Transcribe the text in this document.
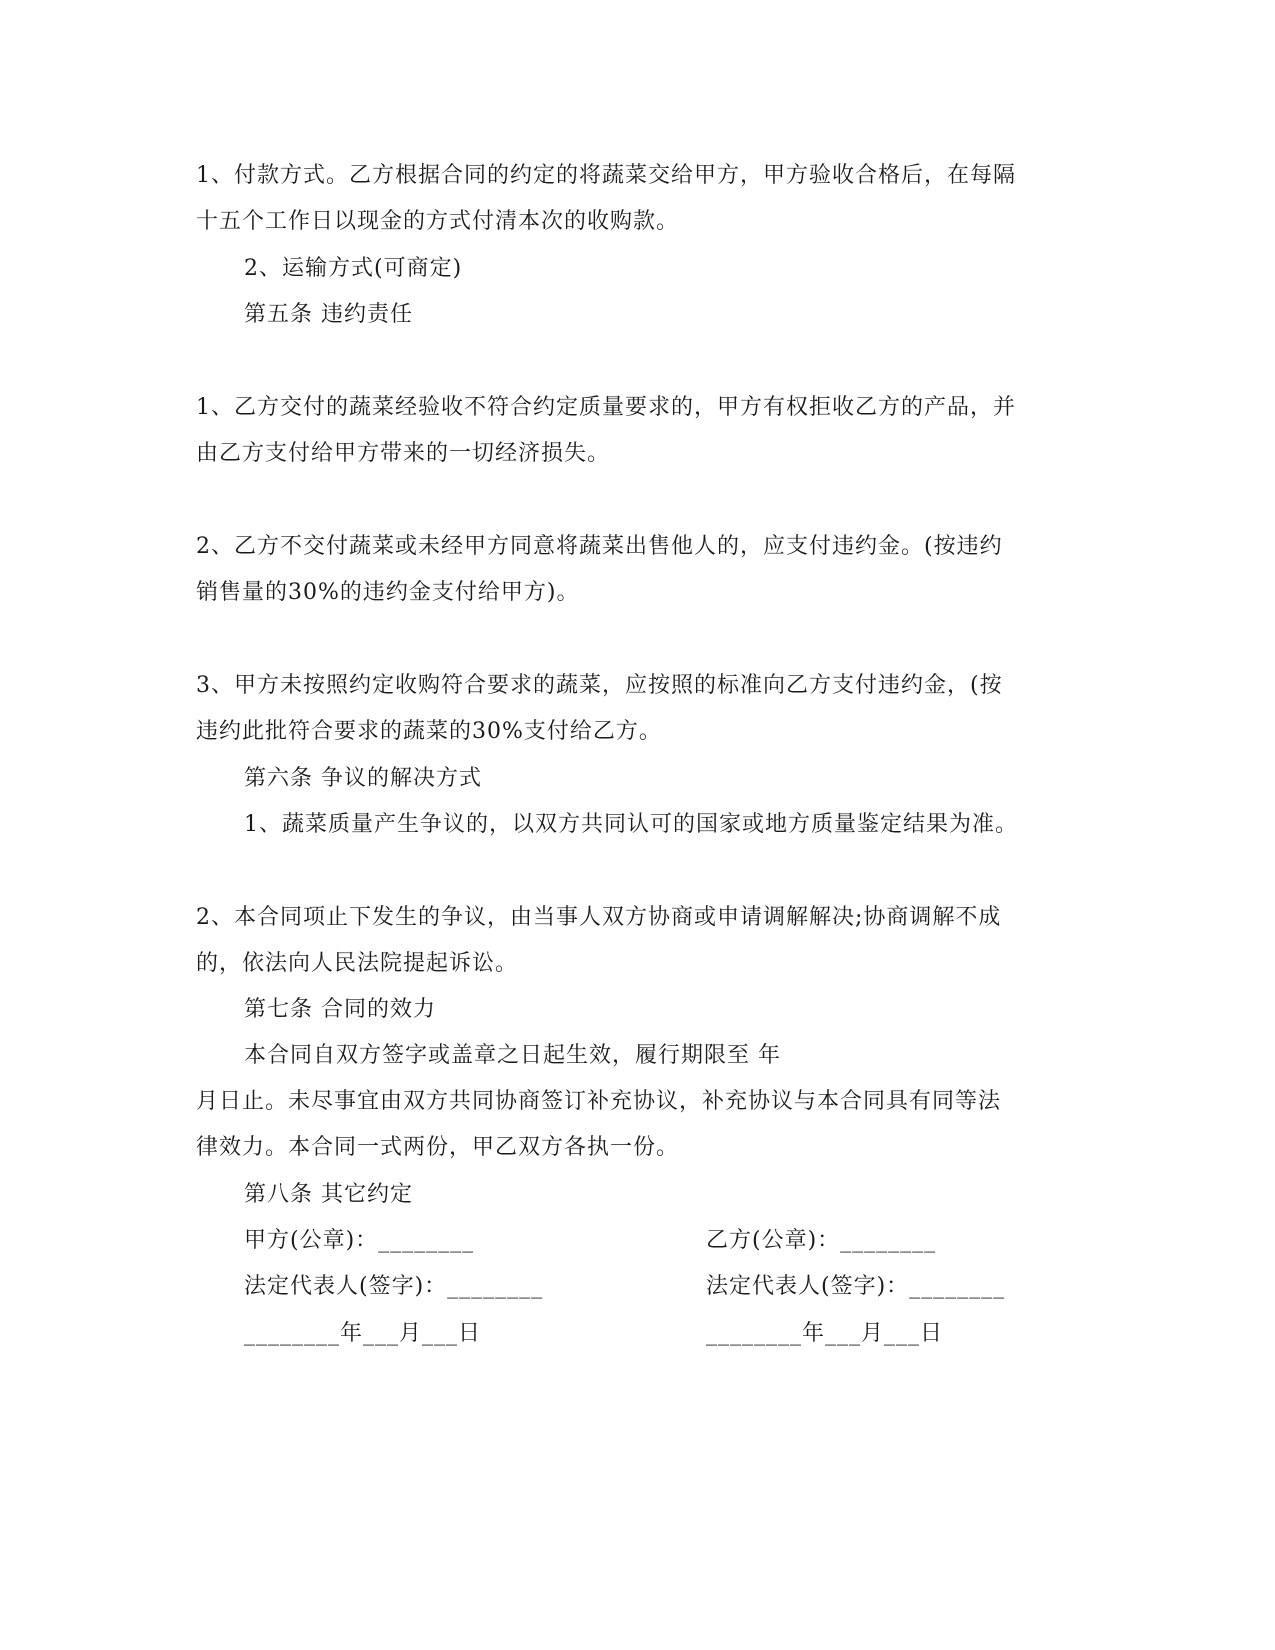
1、付款方式。乙方根据合同的约定的将蔬菜交给甲方，甲方验收合格后，在每隔
十五个工作日以现金的方式付清本次的收购款。
2、运输方式(可商定)
第五条 违约责任
1、乙方交付的蔬菜经验收不符合约定质量要求的，甲方有权拒收乙方的产品，并
由乙方支付给甲方带来的一切经济损失。
2、乙方不交付蔬菜或未经甲方同意将蔬菜出售他人的，应支付违约金。(按违约
销售量的30%的违约金支付给甲方)。
3、甲方未按照约定收购符合要求的蔬菜，应按照的标准向乙方支付违约金，(按
违约此批符合要求的蔬菜的30%支付给乙方。
第六条 争议的解决方式
1、蔬菜质量产生争议的，以双方共同认可的国家或地方质量鉴定结果为准。
2、本合同项止下发生的争议，由当事人双方协商或申请调解解决;协商调解不成
的，依法向人民法院提起诉讼。
第七条 合同的效力
本合同自双方签字或盖章之日起生效，履行期限至 年
月日止。未尽事宜由双方共同协商签订补充协议，补充协议与本合同具有同等法
律效力。本合同一式两份，甲乙双方各执一份。
第八条 其它约定
甲方(公章)：________	乙方(公章)：________
法定代表人(签字)：________	法定代表人(签字)：________
________年___月___日	________年___月___日
